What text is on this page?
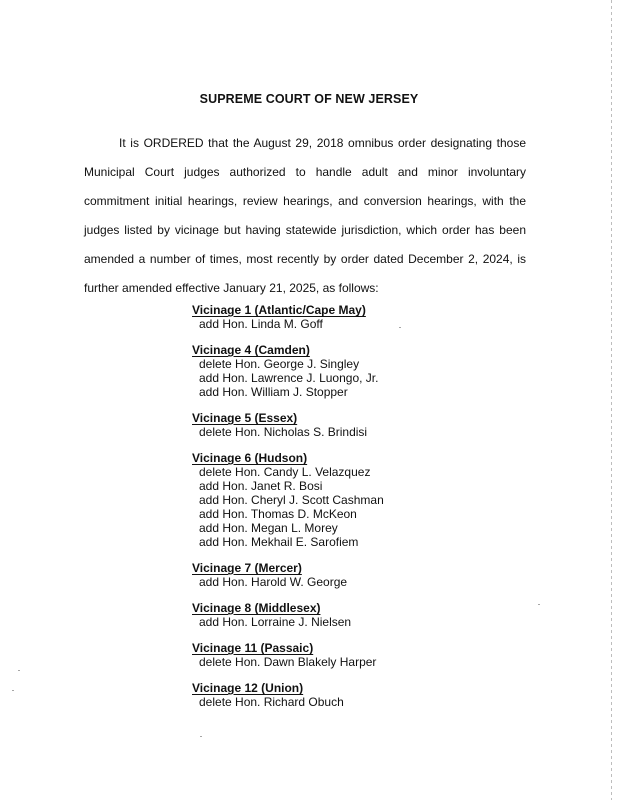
SUPREME COURT OF NEW JERSEY
It is ORDERED that the August 29, 2018 omnibus order designating those
Municipal Court judges authorized to handle adult and minor involuntary
commitment initial hearings, review hearings, and conversion hearings, with the
judges listed by vicinage but having statewide jurisdiction, which order has been
amended a number of times, most recently by order dated December 2, 2024, is
further amended effective January 21, 2025, as follows:

Vicinage 1 (Atlantic/Cape May)

add Hon. Linda M. Goff

Vicinage 4 (Camden)

delete Hon. George J. Singley

add Hon. Lawrence J. Luongo, Jr.

add Hon. William J. Stopper

Vicinage 5 (Essex)

delete Hon. Nicholas S. Brindisi

Vicinage 6 (Hudson)

delete Hon. Candy L. Velazquez

add Hon. Janet R. Bosi

add Hon. Cheryl J. Scott Cashman

add Hon. Thomas D. McKeon

add Hon. Megan L. Morey

add Hon. Mekhail E. Sarofiem

Vicinage 7 (Mercer)

add Hon. Harold W. George

Vicinage 8 (Middlesex)

add Hon. Lorraine J. Nielsen

Vicinage 11 (Passaic)

delete Hon. Dawn Blakely Harper

Vicinage 12 (Union)

delete Hon. Richard Obuch
